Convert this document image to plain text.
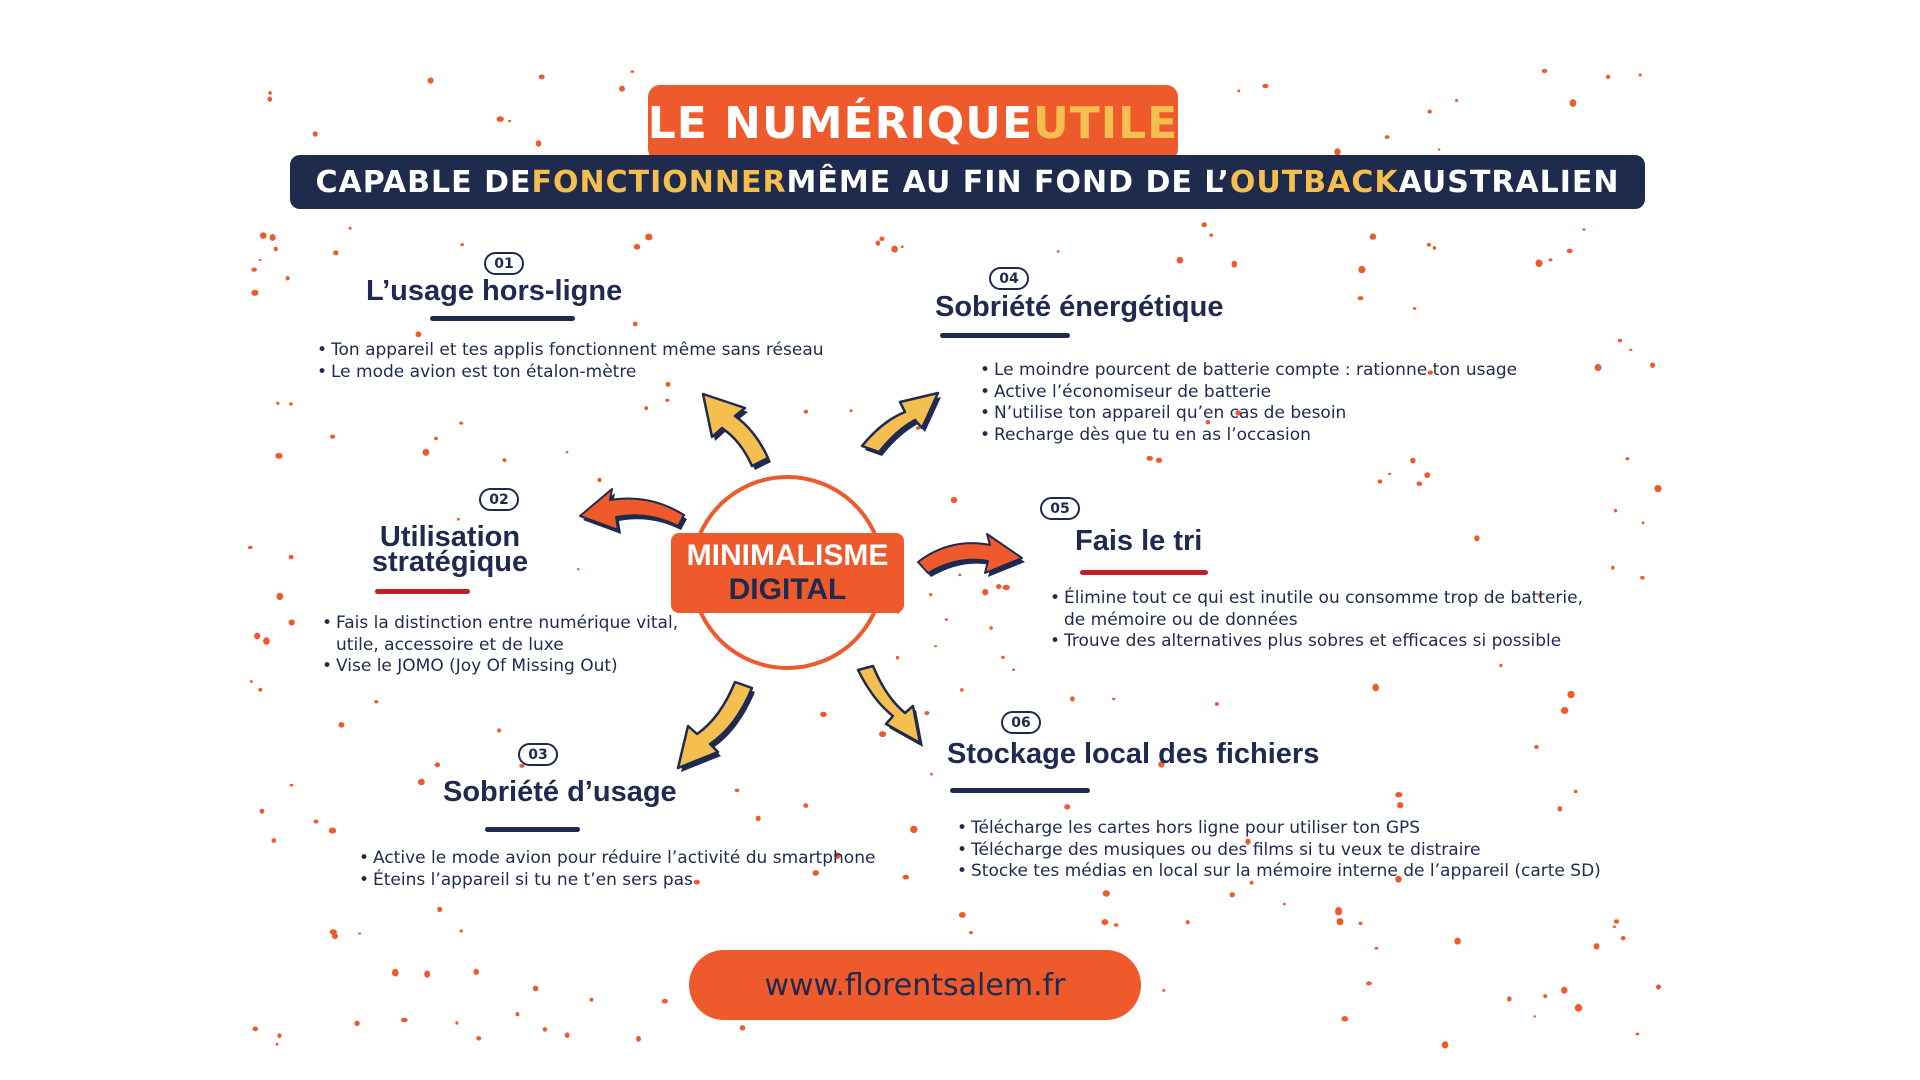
LE NUMÉRIQUE UTILE
CAPABLE DE FONCTIONNER MÊME AU FIN FOND DE L’ OUTBACK AUSTRALIEN
MINIMALISME
DIGITAL
01
L’usage hors-ligne
• Ton appareil et tes applis fonctionnent même sans réseau
• Le mode avion est ton étalon-mètre
02
Utilisation
stratégique
• Fais la distinction entre numérique vital,
utile, accessoire et de luxe
• Vise le JOMO (Joy Of Missing Out)
03
Sobriété d’usage
• Active le mode avion pour réduire l’activité du smartphone
• Éteins l’appareil si tu ne t’en sers pas
04
Sobriété énergétique
• Le moindre pourcent de batterie compte : rationne ton usage
• Active l’économiseur de batterie
• N’utilise ton appareil qu’en cas de besoin
• Recharge dès que tu en as l’occasion
05
Fais le tri
• Élimine tout ce qui est inutile ou consomme trop de batterie,
de mémoire ou de données
• Trouve des alternatives plus sobres et efficaces si possible
06
Stockage local des fichiers
• Télécharge les cartes hors ligne pour utiliser ton GPS
• Télécharge des musiques ou des films si tu veux te distraire
• Stocke tes médias en local sur la mémoire interne de l’appareil (carte SD)
www.florentsalem.fr
